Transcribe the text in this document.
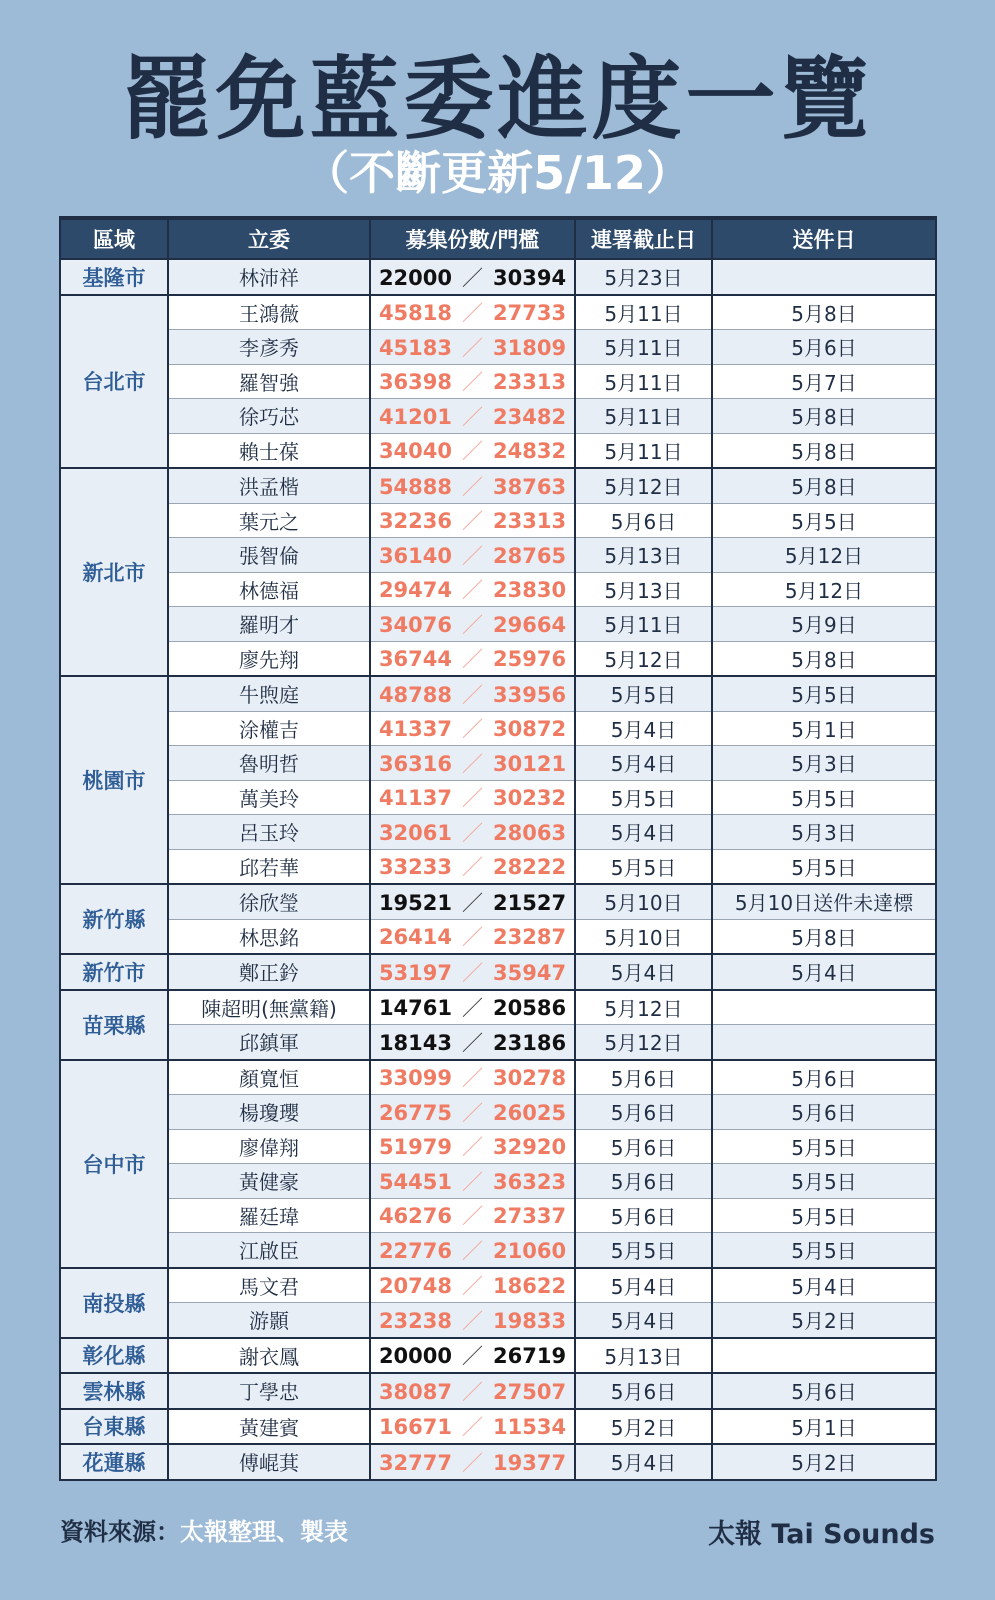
罷免藍委進度一覽
（不斷更新5/12）
區域	立委	募集份數/門檻	連署截止日	送件日
基隆市	林沛祥	22000 ／ 30394	5月23日	
台北市	王鴻薇	45818 ／ 27733	5月11日	5月8日
	李彥秀	45183 ／ 31809	5月11日	5月6日
	羅智強	36398 ／ 23313	5月11日	5月7日
	徐巧芯	41201 ／ 23482	5月11日	5月8日
	賴士葆	34040 ／ 24832	5月11日	5月8日
新北市	洪孟楷	54888 ／ 38763	5月12日	5月8日
	葉元之	32236 ／ 23313	5月6日	5月5日
	張智倫	36140 ／ 28765	5月13日	5月12日
	林德福	29474 ／ 23830	5月13日	5月12日
	羅明才	34076 ／ 29664	5月11日	5月9日
	廖先翔	36744 ／ 25976	5月12日	5月8日
桃園市	牛煦庭	48788 ／ 33956	5月5日	5月5日
	涂權吉	41337 ／ 30872	5月4日	5月1日
	魯明哲	36316 ／ 30121	5月4日	5月3日
	萬美玲	41137 ／ 30232	5月5日	5月5日
	呂玉玲	32061 ／ 28063	5月4日	5月3日
	邱若華	33233 ／ 28222	5月5日	5月5日
新竹縣	徐欣瑩	19521 ／ 21527	5月10日	5月10日送件未達標
	林思銘	26414 ／ 23287	5月10日	5月8日
新竹市	鄭正鈐	53197 ／ 35947	5月4日	5月4日
苗栗縣	陳超明(無黨籍)	14761 ／ 20586	5月12日	
	邱鎮軍	18143 ／ 23186	5月12日	
台中市	顏寬恒	33099 ／ 30278	5月6日	5月6日
	楊瓊瓔	26775 ／ 26025	5月6日	5月6日
	廖偉翔	51979 ／ 32920	5月6日	5月5日
	黃健豪	54451 ／ 36323	5月6日	5月5日
	羅廷瑋	46276 ／ 27337	5月6日	5月5日
	江啟臣	22776 ／ 21060	5月5日	5月5日
南投縣	馬文君	20748 ／ 18622	5月4日	5月4日
	游顥	23238 ／ 19833	5月4日	5月2日
彰化縣	謝衣鳳	20000 ／ 26719	5月13日	
雲林縣	丁學忠	38087 ／ 27507	5月6日	5月6日
台東縣	黃建賓	16671 ／ 11534	5月2日	5月1日
花蓮縣	傅崐萁	32777 ／ 19377	5月4日	5月2日
資料來源：太報整理、製表	太報 Tai Sounds
